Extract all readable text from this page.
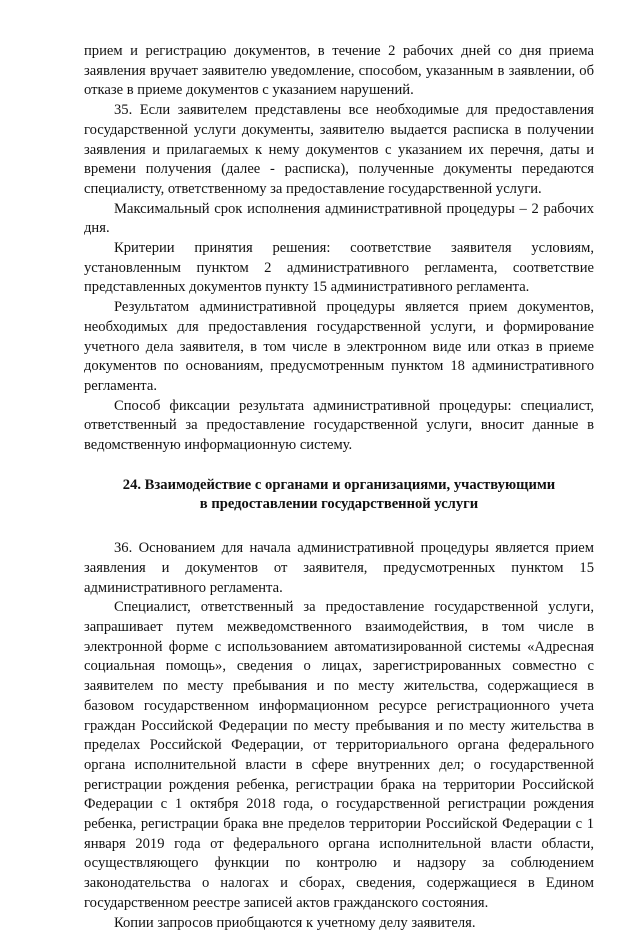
прием и регистрацию документов, в течение 2 рабочих дней со дня приема заявления вручает заявителю уведомление, способом, указанным в заявлении, об отказе в приеме документов с указанием нарушений.

35. Если заявителем представлены все необходимые для предоставления государственной услуги документы, заявителю выдается расписка в получении заявления и прилагаемых к нему документов с указанием их перечня, даты и времени получения (далее - расписка), полученные документы передаются специалисту, ответственному за предоставление государственной услуги.

Максимальный срок исполнения административной процедуры – 2 рабочих дня.

Критерии принятия решения: соответствие заявителя условиям, установленным пунктом 2 административного регламента, соответствие представленных документов пункту 15 административного регламента.

Результатом административной процедуры является прием документов, необходимых для предоставления государственной услуги, и формирование учетного дела заявителя, в том числе в электронном виде или отказ в приеме документов по основаниям, предусмотренным пунктом 18 административного регламента.

Способ фиксации результата административной процедуры: специалист, ответственный за предоставление государственной услуги, вносит данные в ведомственную информационную систему.

24. Взаимодействие с органами и организациями, участвующими
в предоставлении государственной услуги

36. Основанием для начала административной процедуры является прием заявления и документов от заявителя, предусмотренных пунктом 15 административного регламента.

Специалист, ответственный за предоставление государственной услуги, запрашивает путем межведомственного взаимодействия, в том числе в электронной форме с использованием автоматизированной системы «Адресная социальная помощь», сведения о лицах, зарегистрированных совместно с заявителем по месту пребывания и по месту жительства, содержащиеся в базовом государственном информационном ресурсе регистрационного учета граждан Российской Федерации по месту пребывания и по месту жительства в пределах Российской Федерации, от территориального органа федерального органа исполнительной власти в сфере внутренних дел; о государственной регистрации рождения ребенка, регистрации брака на территории Российской Федерации с 1 октября 2018 года, о государственной регистрации рождения ребенка, регистрации брака вне пределов территории Российской Федерации с 1 января 2019 года от федерального органа исполнительной власти области, осуществляющего функции по контролю и надзору за соблюдением законодательства о налогах и сборах, сведения, содержащиеся в Едином государственном реестре записей актов гражданского состояния.

Копии запросов приобщаются к учетному делу заявителя.
